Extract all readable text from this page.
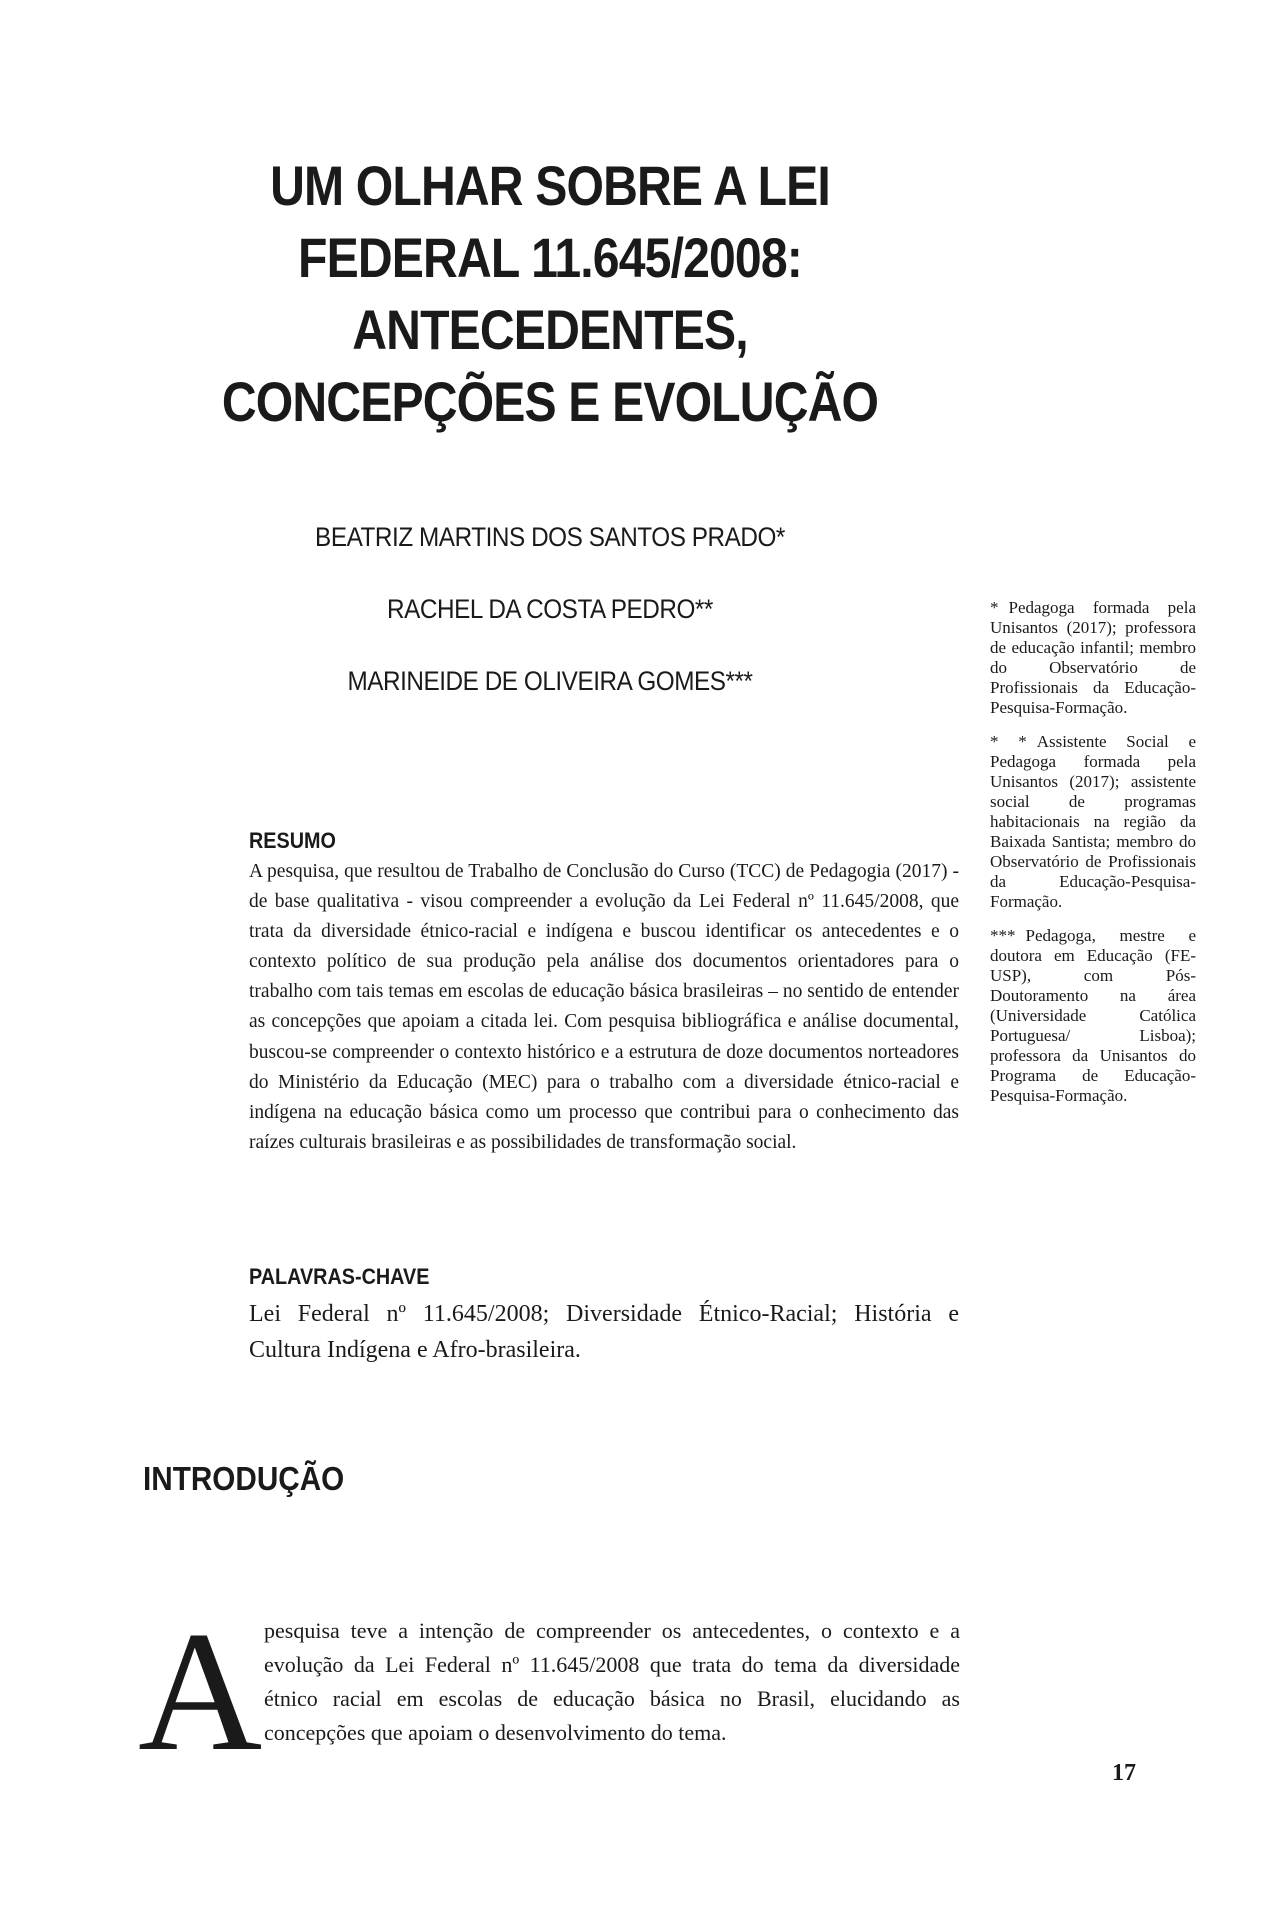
UM OLHAR SOBRE A LEI
FEDERAL 11.645/2008:
ANTECEDENTES,
CONCEPÇÕES E EVOLUÇÃO
BEATRIZ MARTINS DOS SANTOS PRADO*
RACHEL DA COSTA PEDRO**
MARINEIDE DE OLIVEIRA GOMES***

* Pedagoga formada pela Unisantos (2017); professora de educação infantil; membro do Observatório de Profissionais da Educação-Pesquisa-Formação.

* * Assistente Social e Pedagoga formada pela Unisantos (2017); assistente social de programas habitacionais na região da Baixada Santista; membro do Observatório de Profissionais da Educação-Pesquisa-Formação.

*** Pedagoga, mestre e doutora em Educação (FE-USP), com Pós-Doutoramento na área (Universidade Católica Portuguesa/ Lisboa); professora da Unisantos do Programa de Educação-Pesquisa-Formação.

RESUMO

A pesquisa, que resultou de Trabalho de Conclusão do Curso (TCC) de Pedagogia (2017) - de base qualitativa - visou compreender a evolução da Lei Federal nº 11.645/2008, que trata da diversidade étnico-racial e indígena e buscou identificar os antecedentes e o contexto político de sua produção pela análise dos documentos orientadores para o trabalho com tais temas em escolas de educação básica brasileiras – no sentido de entender as concepções que apoiam a citada lei. Com pesquisa bibliográfica e análise documental, buscou-se compreender o contexto histórico e a estrutura de doze documentos norteadores do Ministério da Educação (MEC) para o trabalho com a diversidade étnico-racial e indígena na educação básica como um processo que contribui para o conhecimento das raízes culturais brasileiras e as possibilidades de transformação social.

PALAVRAS-CHAVE

Lei Federal nº 11.645/2008; Diversidade Étnico-Racial; História e Cultura Indígena e Afro-brasileira.

INTRODUÇÃO
A pesquisa teve a intenção de compreender os antecedentes, o contexto e a evolução da Lei Federal nº 11.645/2008 que trata do tema da diversidade étnico racial em escolas de educação básica no Brasil, elucidando as concepções que apoiam o desenvolvimento do tema.

17
